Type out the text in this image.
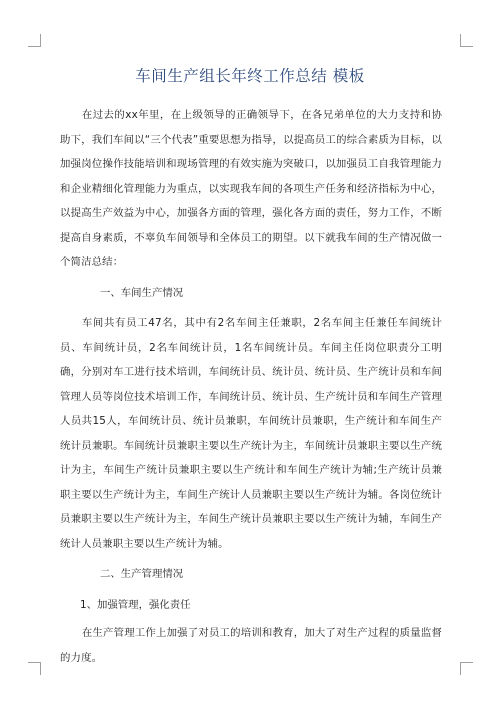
车间生产组长年终工作总结 模板

在过去的xx年里，在上级领导的正确领导下，在各兄弟单位的大力支持和协助下，我们车间以“三个代表”重要思想为指导，以提高员工的综合素质为目标，以加强岗位操作技能培训和现场管理的有效实施为突破口，以加强员工自我管理能力和企业精细化管理能力为重点，以实现我车间的各项生产任务和经济指标为中心，以提高生产效益为中心，加强各方面的管理，强化各方面的责任，努力工作，不断提高自身素质，不辜负车间领导和全体员工的期望。以下就我车间的生产情况做一个简洁总结：

一、车间生产情况

车间共有员工47名，其中有2名车间主任兼职，2名车间主任兼任车间统计员、车间统计员，2名车间统计员，1名车间统计员。车间主任岗位职责分工明确，分别对车工进行技术培训，车间统计员、统计员、统计员、生产统计员和车间管理人员等岗位技术培训工作，车间统计员、统计员、生产统计员和车间生产管理人员共15人，车间统计员、统计员兼职，车间统计员兼职，生产统计和车间生产统计员兼职。车间统计员兼职主要以生产统计为主，车间统计员兼职主要以生产统计为主，车间生产统计员兼职主要以生产统计和车间生产统计为辅;生产统计员兼职主要以生产统计为主，车间生产统计人员兼职主要以生产统计为辅。各岗位统计员兼职主要以生产统计为主，车间生产统计员兼职主要以生产统计为辅，车间生产统计人员兼职主要以生产统计为辅。

二、生产管理情况
1、加强管理，强化责任

在生产管理工作上加强了对员工的培训和教育，加大了对生产过程的质量监督的力度。
